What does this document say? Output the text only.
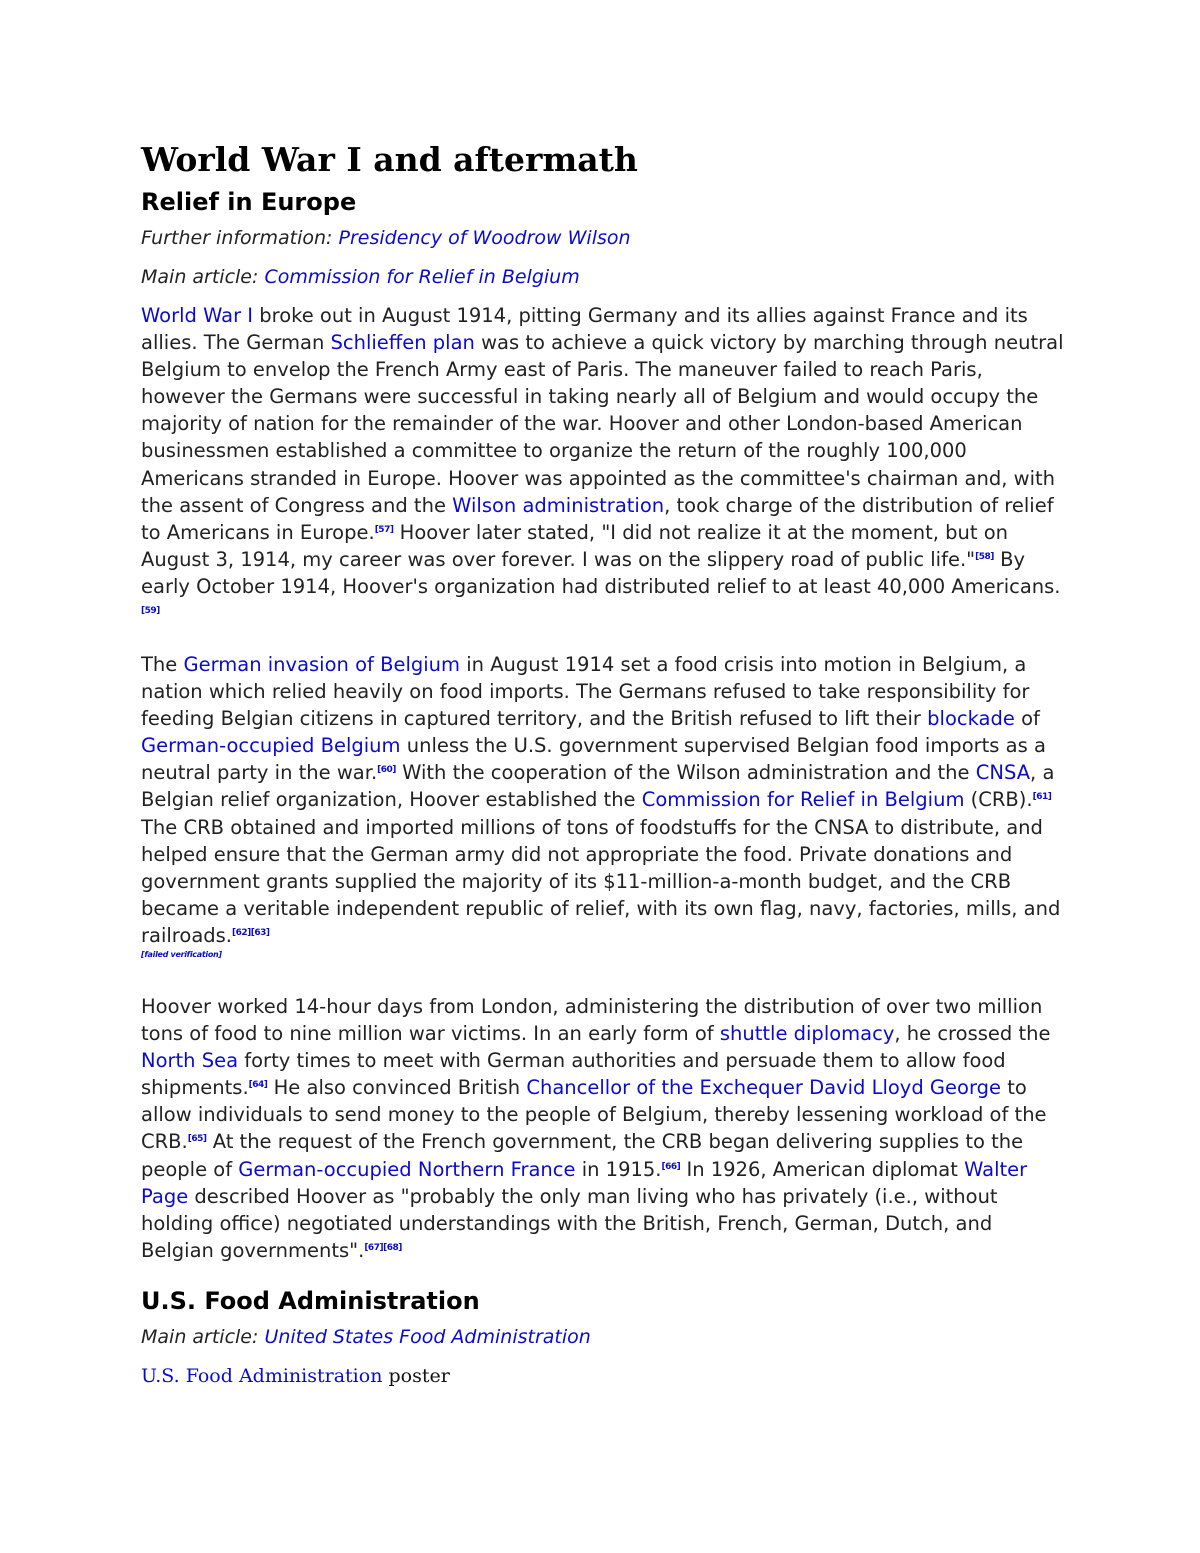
World War I and aftermath
Relief in Europe
Further information: Presidency of Woodrow Wilson
Main article: Commission for Relief in Belgium

World War I broke out in August 1914, pitting Germany and its allies against France and its allies. The German Schlieffen plan was to achieve a quick victory by marching through neutral Belgium to envelop the French Army east of Paris. The maneuver failed to reach Paris, however the Germans were successful in taking nearly all of Belgium and would occupy the majority of nation for the remainder of the war. Hoover and other London-based American businessmen established a committee to organize the return of the roughly 100,000 Americans stranded in Europe. Hoover was appointed as the committee's chairman and, with the assent of Congress and the Wilson administration, took charge of the distribution of relief to Americans in Europe.[57] Hoover later stated, "I did not realize it at the moment, but on August 3, 1914, my career was over forever. I was on the slippery road of public life."[58] By early October 1914, Hoover's organization had distributed relief to at least 40,000 Americans.[59]

The German invasion of Belgium in August 1914 set a food crisis into motion in Belgium, a nation which relied heavily on food imports. The Germans refused to take responsibility for feeding Belgian citizens in captured territory, and the British refused to lift their blockade of German-occupied Belgium unless the U.S. government supervised Belgian food imports as a neutral party in the war.[60] With the cooperation of the Wilson administration and the CNSA, a Belgian relief organization, Hoover established the Commission for Relief in Belgium (CRB).[61] The CRB obtained and imported millions of tons of foodstuffs for the CNSA to distribute, and helped ensure that the German army did not appropriate the food. Private donations and government grants supplied the majority of its $11-million-a-month budget, and the CRB became a veritable independent republic of relief, with its own flag, navy, factories, mills, and railroads.[62][63]
[failed verification]

Hoover worked 14-hour days from London, administering the distribution of over two million tons of food to nine million war victims. In an early form of shuttle diplomacy, he crossed the North Sea forty times to meet with German authorities and persuade them to allow food shipments.[64] He also convinced British Chancellor of the Exchequer David Lloyd George to allow individuals to send money to the people of Belgium, thereby lessening workload of the CRB.[65] At the request of the French government, the CRB began delivering supplies to the people of German-occupied Northern France in 1915.[66] In 1926, American diplomat Walter Page described Hoover as "probably the only man living who has privately (i.e., without holding office) negotiated understandings with the British, French, German, Dutch, and Belgian governments".[67][68]

U.S. Food Administration
Main article: United States Food Administration
U.S. Food Administration poster
